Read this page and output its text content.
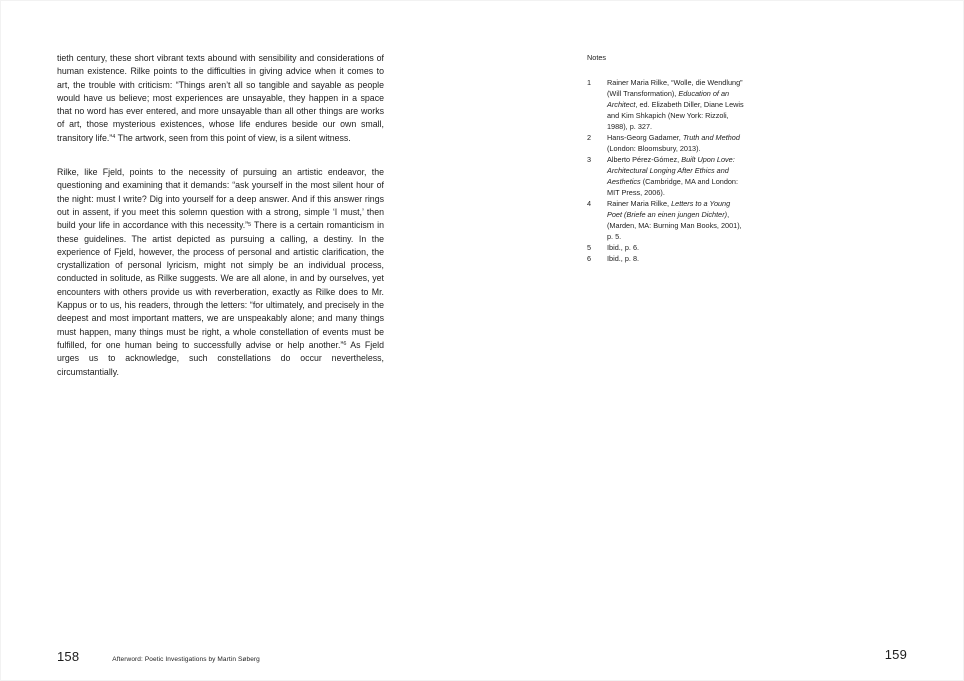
tieth century, these short vibrant texts abound with sensibility and considerations of human existence. Rilke points to the difficulties in giving advice when it comes to art, the trouble with criticism: “Things aren’t all so tangible and sayable as people would have us believe; most experiences are unsayable, they happen in a space that no word has ever entered, and more unsayable than all other things are works of art, those mysterious existences, whose life endures beside our own small, transitory life.”$^4$ The artwork, seen from this point of view, is a silent witness.

Rilke, like Fjeld, points to the necessity of pursuing an artistic endeavor, the questioning and examining that it demands: “ask yourself in the most silent hour of the night: must I write? Dig into yourself for a deep answer. And if this answer rings out in assent, if you meet this solemn question with a strong, simple ‘I must,’ then build your life in accordance with this necessity.”$^5$ There is a certain romanticism in these guidelines. The artist depicted as pursuing a calling, a destiny. In the experience of Fjeld, however, the process of personal and artistic clarification, the crystallization of personal lyricism, might not simply be an individual process, conducted in solitude, as Rilke suggests. We are all alone, in and by ourselves, yet encounters with others provide us with reverberation, exactly as Rilke does to Mr. Kappus or to us, his readers, through the letters: “for ultimately, and precisely in the deepest and most important matters, we are unspeakably alone; and many things must happen, many things must be right, a whole constellation of events must be fulfilled, for one human being to successfully advise or help another.”$^6$ As Fjeld urges us to acknowledge, such constellations do occur nevertheless, circumstantially.

158	Afterword: Poetic Investigations by Martin Søberg
Notes
1	Rainer Maria Rilke, “Wolle, die Wendlung” (Will Transformation), Education of an Architect, ed. Elizabeth Diller, Diane Lewis and Kim Shkapich (New York: Rizzoli, 1988), p. 327.
2	Hans-Georg Gadamer, Truth and Method (London: Bloomsbury, 2013).
3	Alberto Pérez-Gómez, Built Upon Love: Architectural Longing After Ethics and Aesthetics (Cambridge, MA and London: MIT Press, 2006).
4	Rainer Maria Rilke, Letters to a Young Poet (Briefe an einen jungen Dichter), (Marden, MA: Burning Man Books, 2001), p. 5.
5	Ibid., p. 6.
6	Ibid., p. 8.
159
